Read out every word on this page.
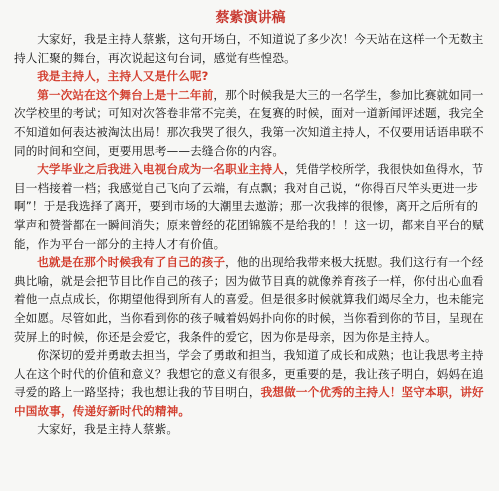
蔡紫演讲稿

大家好，我是主持人蔡紫，这句开场白，不知道说了多少次！今天站在这样一个无数主持人汇聚的舞台，再次说起这句台词，感觉有些惶恐。

我是主持人，主持人又是什么呢?

第一次站在这个舞台上是十二年前，那个时候我是大三的一名学生，参加比赛就如同一次学校里的考试；可知对次答卷非常不完美，在复赛的时候，面对一道新闻评述题，我完全不知道如何表达被淘汰出局！那次我哭了很久，我第一次知道主持人，不仅要用话语串联不同的时间和空间，更要用思考——去缝合你的内容。

大学毕业之后我进入电视台成为一名职业主持人，凭借学校所学，我很快如鱼得水，节目一档接着一档；我感觉自己飞向了云端，有点飘；我对自己说，“你得百尺竿头更进一步啊”！于是我选择了离开，要到市场的大潮里去遨游；那一次我摔的很惨，离开之后所有的掌声和赞誉都在一瞬间消失；原来曾经的花团锦簇不是给我的！！这一切，都来自平台的赋能，作为平台一部分的主持人才有价值。

也就是在那个时候我有了自己的孩子，他的出现给我带来极大抚慰。我们这行有一个经典比喻，就是会把节目比作自己的孩子；因为做节目真的就像养育孩子一样，你付出心血看着他一点点成长，你期望他得到所有人的喜爱。但是很多时候就算我们竭尽全力，也未能完全如愿。尽管如此，当你看到你的孩子喊着妈妈扑向你的时候，当你看到你的节目，呈现在荧屏上的时候，你还是会爱它，我条件的爱它，因为你是母亲，因为你是主持人。

你深切的爱并勇敢去担当，学会了勇敢和担当，我知道了成长和成熟；也让我思考主持人在这个时代的价值和意义？我想它的意义有很多，更重要的是，我让孩子明白，妈妈在追寻爱的路上一路坚持；我也想让我的节目明白，我想做一个优秀的主持人！坚守本职，讲好中国故事，传递好新时代的精神。

大家好，我是主持人蔡紫。
